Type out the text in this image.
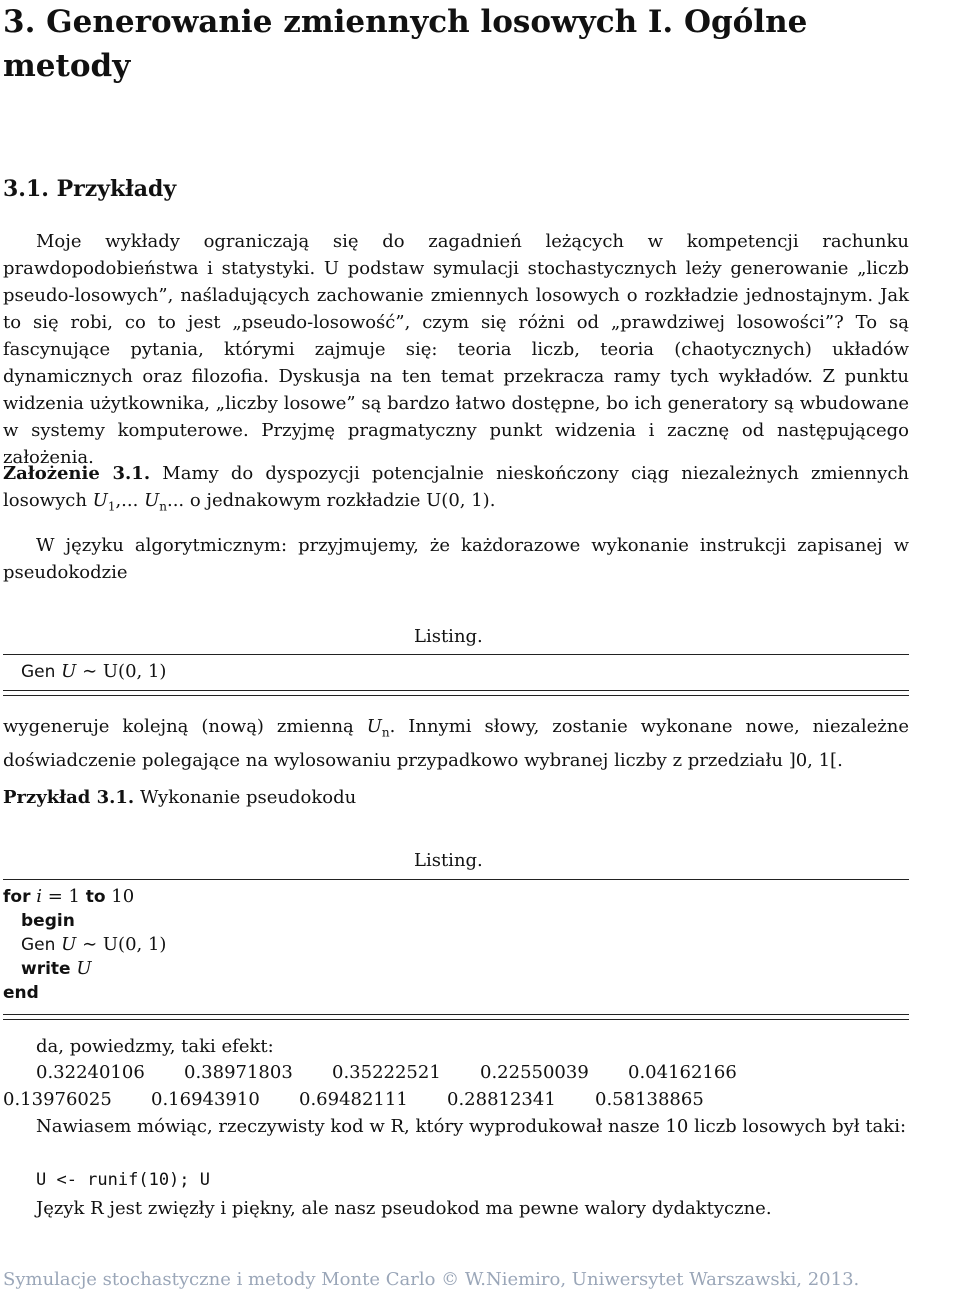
3. Generowanie zmiennych losowych I. Ogólne metody
3.1. Przykłady
Moje wykłady ograniczają się do zagadnień leżących w kompetencji rachunku prawdopodobieństwa i statystyki. U podstaw symulacji stochastycznych leży generowanie „liczb pseudo-losowych”, naśladujących zachowanie zmiennych losowych o rozkładzie jednostajnym. Jak to się robi, co to jest „pseudo-losowość”, czym się różni od „prawdziwej losowości”? To są fascynujące pytania, którymi zajmuje się: teoria liczb, teoria (chaotycznych) układów dynamicznych oraz filozofia. Dyskusja na ten temat przekracza ramy tych wykładów. Z punktu widzenia użytkownika, „liczby losowe” są bardzo łatwo dostępne, bo ich generatory są wbudowane w systemy komputerowe. Przyjmę pragmatyczny punkt widzenia i zacznę od następującego założenia.
Założenie 3.1. Mamy do dyspozycji potencjalnie nieskończony ciąg niezależnych zmiennych losowych $U_1$,... $U_n$... o jednakowym rozkładzie U(0, 1).
W języku algorytmicznym: przyjmujemy, że każdorazowe wykonanie instrukcji zapisanej w pseudokodzie
Listing.
Gen U ∼ U(0, 1)
wygeneruje kolejną (nową) zmienną $U_n$. Innymi słowy, zostanie wykonane nowe, niezależne doświadczenie polegające na wylosowaniu przypadkowo wybranej liczby z przedziału ]0, 1[.
Przykład 3.1. Wykonanie pseudokodu
Listing.
for i = 1 to 10
begin
Gen U ∼ U(0, 1)
write U
end
da, powiedzmy, taki efekt:
0.32240106 0.38971803 0.35222521 0.22550039 0.04162166
0.13976025 0.16943910 0.69482111 0.28812341 0.58138865
Nawiasem mówiąc, rzeczywisty kod w R, który wyprodukował nasze 10 liczb losowych był taki:
U <- runif(10); U
Język R jest zwięzły i piękny, ale nasz pseudokod ma pewne walory dydaktyczne.
Symulacje stochastyczne i metody Monte Carlo © W.Niemiro, Uniwersytet Warszawski, 2013.
